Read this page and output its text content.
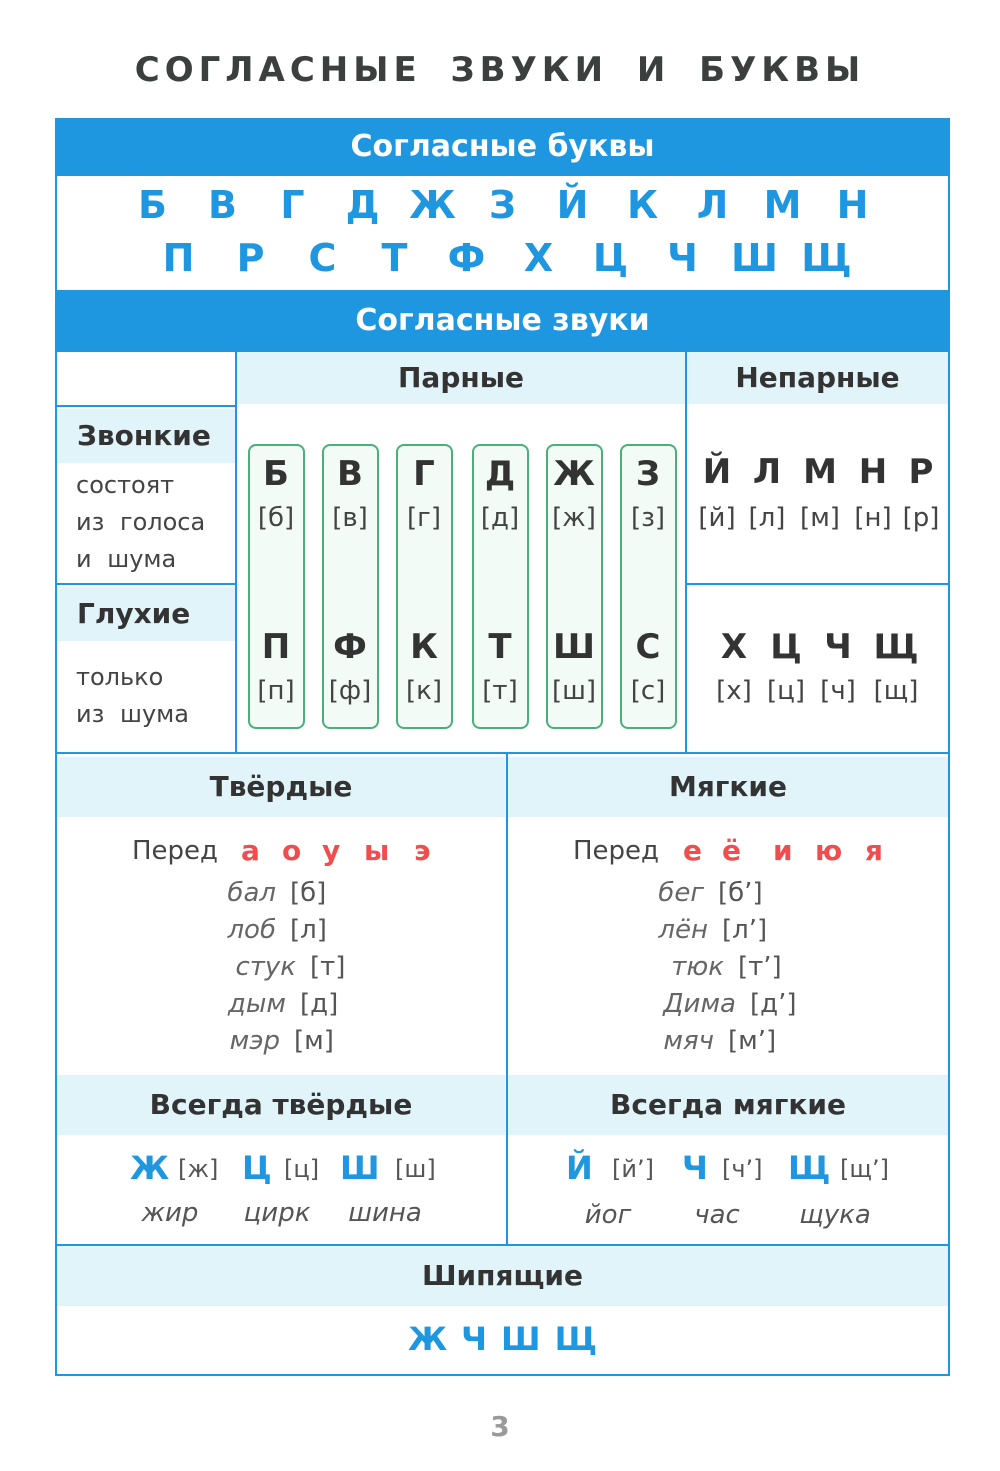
СОГЛАСНЫЕ ЗВУКИ И БУКВЫ
Согласные буквы
Б	В	Г	Д Ж З	Й	К	Л М Н
П	Р	С	Т	Ф	Х	Ц	Ч Ш Щ
Согласные звуки
Парные	Непарные
Звонкие
состоят
из голоса
и шума
Глухие
только
из шума
Б	В	Г	Д	Ж	З
[б]	[в]	[г]	[д]	[ж]	[з]
П	Ф	К	Т	Ш	С
[п]	[ф]	[к]	[т]	[ш]	[с]
Й Л М Н Р
[й] [л] [м] [н] [р]
Х Ц Ч Щ
[х] [ц] [ч] [щ]
Твёрдые	Мягкие
Перед а о у ы э
бал [б]
лоб [л]
стук [т]
дым [д]
мэр [м]
Перед е ё и ю я
бег [б’]
лён [л’]
тюк [т’]
Дима [д’]
мяч [м’]
Всегда твёрдые	Всегда мягкие
Ж [ж] Ц [ц] Ш [ш]
жир	цирк	шина
Й [й’] Ч [ч’] Щ [щ’]
йог	час	щука
Шипящие
Ж Ч Ш Щ
3
